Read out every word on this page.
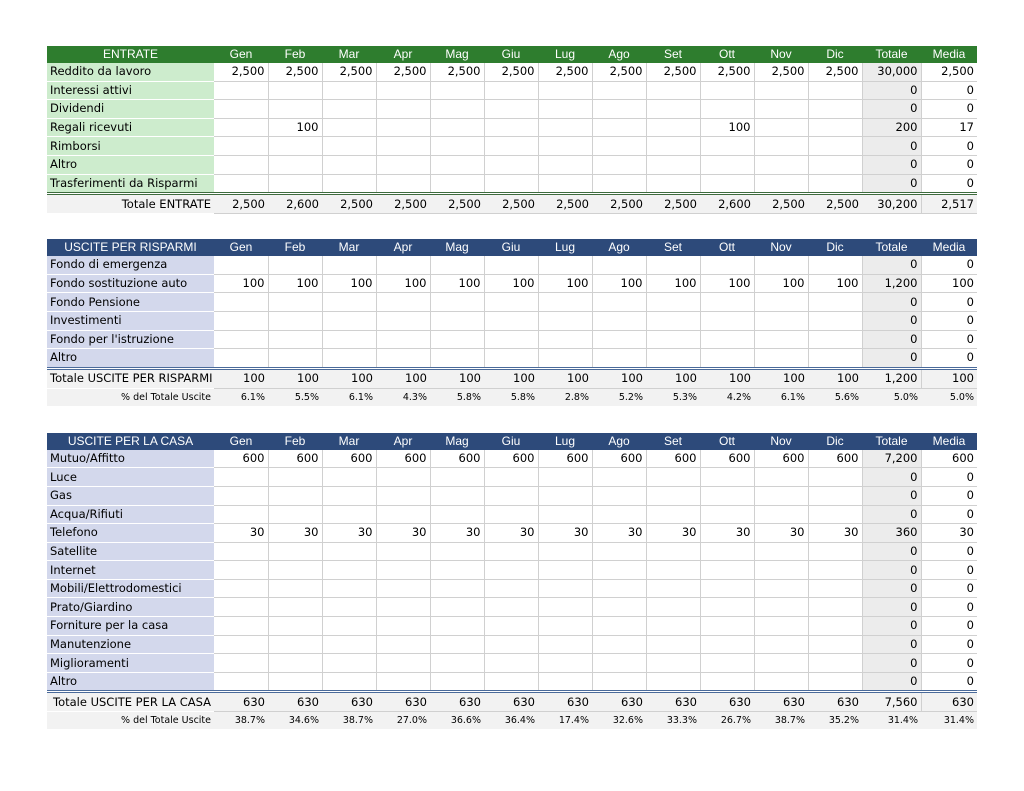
ENTRATE	Gen	Feb	Mar	Apr	Mag	Giu	Lug	Ago	Set	Ott	Nov	Dic	Totale	Media
Reddito da lavoro	2,500	2,500	2,500	2,500	2,500	2,500	2,500	2,500	2,500	2,500	2,500	2,500	30,000	2,500
Interessi attivi													0	0
Dividendi													0	0
Regali ricevuti		100								100			200	17
Rimborsi													0	0
Altro													0	0
Trasferimenti da Risparmi													0	0
Totale ENTRATE	2,500	2,600	2,500	2,500	2,500	2,500	2,500	2,500	2,500	2,600	2,500	2,500	30,200	2,517
USCITE PER RISPARMI	Gen	Feb	Mar	Apr	Mag	Giu	Lug	Ago	Set	Ott	Nov	Dic	Totale	Media
Fondo di emergenza													0	0
Fondo sostituzione auto	100	100	100	100	100	100	100	100	100	100	100	100	1,200	100
Fondo Pensione													0	0
Investimenti													0	0
Fondo per l'istruzione													0	0
Altro													0	0
Totale USCITE PER RISPARMI	100	100	100	100	100	100	100	100	100	100	100	100	1,200	100
% del Totale Uscite	6.1%	5.5%	6.1%	4.3%	5.8%	5.8%	2.8%	5.2%	5.3%	4.2%	6.1%	5.6%	5.0%	5.0%
USCITE PER LA CASA	Gen	Feb	Mar	Apr	Mag	Giu	Lug	Ago	Set	Ott	Nov	Dic	Totale	Media
Mutuo/Affitto	600	600	600	600	600	600	600	600	600	600	600	600	7,200	600
Luce													0	0
Gas													0	0
Acqua/Rifiuti													0	0
Telefono	30	30	30	30	30	30	30	30	30	30	30	30	360	30
Satellite													0	0
Internet													0	0
Mobili/Elettrodomestici													0	0
Prato/Giardino													0	0
Forniture per la casa													0	0
Manutenzione													0	0
Miglioramenti													0	0
Altro													0	0
Totale USCITE PER LA CASA	630	630	630	630	630	630	630	630	630	630	630	630	7,560	630
% del Totale Uscite	38.7%	34.6%	38.7%	27.0%	36.6%	36.4%	17.4%	32.6%	33.3%	26.7%	38.7%	35.2%	31.4%	31.4%
